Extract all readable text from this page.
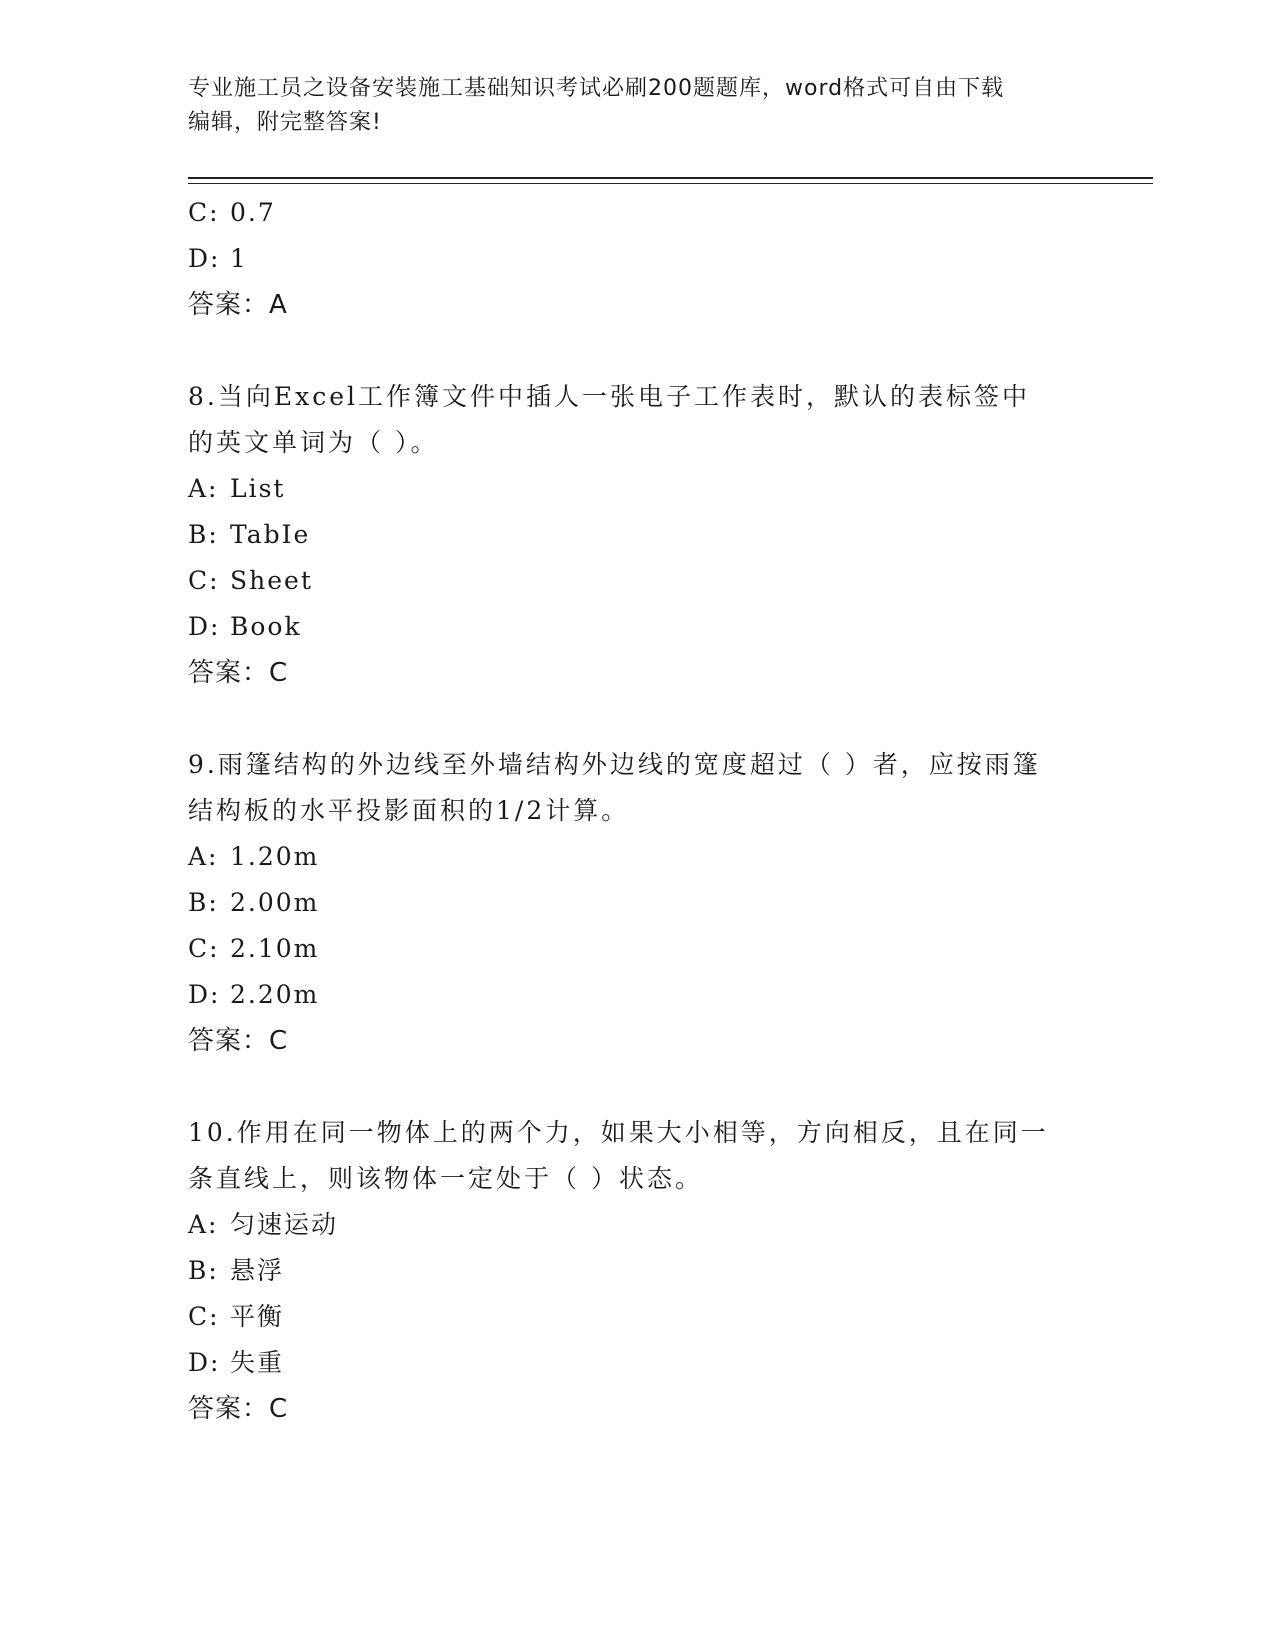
专业施工员之设备安装施工基础知识考试必刷200题题库，word格式可自由下载
编辑，附完整答案!
C: 0.7
D: 1
答案：A
8.当向Excel工作簿文件中插人一张电子工作表时，默认的表标签中
的英文单词为（ ）。
A: List
B: TabIe
C: Sheet
D: Book
答案：C
9.雨篷结构的外边线至外墙结构外边线的宽度超过（ ）者，应按雨篷
结构板的水平投影面积的1/2计算。
A: 1.20m
B: 2.00m
C: 2.10m
D: 2.20m
答案：C
10.作用在同一物体上的两个力，如果大小相等，方向相反，且在同一
条直线上，则该物体一定处于（ ）状态。
A: 匀速运动
B: 悬浮
C: 平衡
D: 失重
答案：C
